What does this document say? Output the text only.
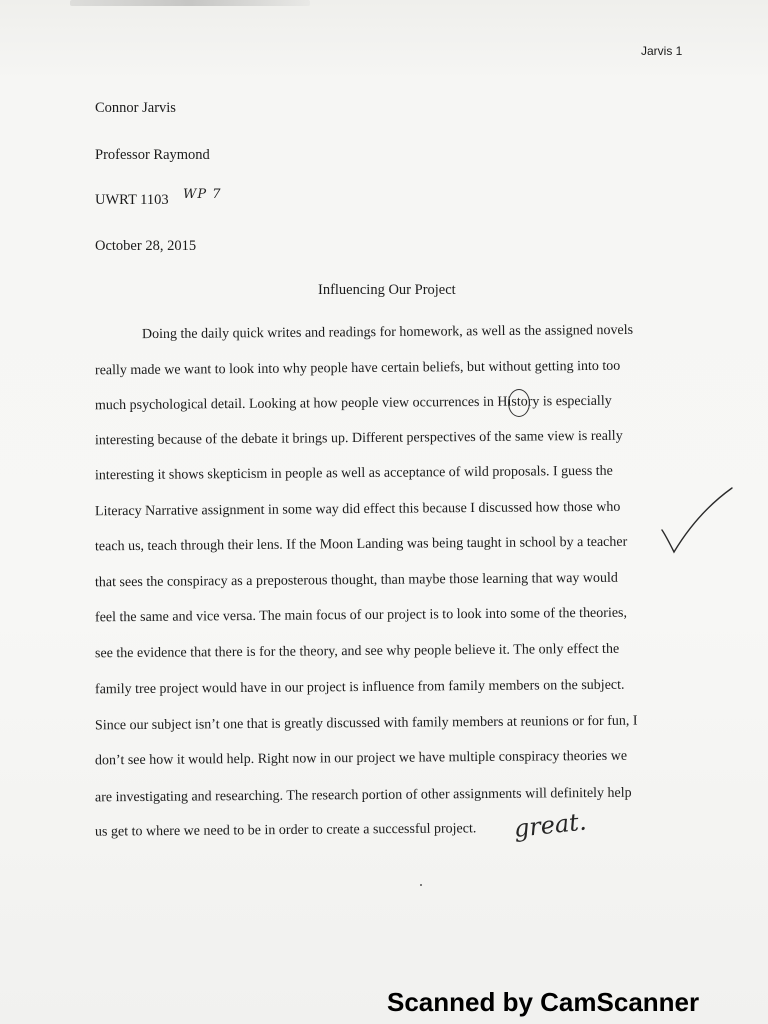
Jarvis 1
Connor Jarvis
Professor Raymond
UWRT 1103 WP 7
October 28, 2015
Influencing Our Project
Doing the daily quick writes and readings for homework, as well as the assigned novels
really made we want to look into why people have certain beliefs, but without getting into too
much psychological detail. Looking at how people view occurrences in History is especially
interesting because of the debate it brings up. Different perspectives of the same view is really
interesting it shows skepticism in people as well as acceptance of wild proposals. I guess the
Literacy Narrative assignment in some way did effect this because I discussed how those who
teach us, teach through their lens. If the Moon Landing was being taught in school by a teacher
that sees the conspiracy as a preposterous thought, than maybe those learning that way would
feel the same and vice versa. The main focus of our project is to look into some of the theories,
see the evidence that there is for the theory, and see why people believe it. The only effect the
family tree project would have in our project is influence from family members on the subject.
Since our subject isn’t one that is greatly discussed with family members at reunions or for fun, I
don’t see how it would help. Right now in our project we have multiple conspiracy theories we
are investigating and researching. The research portion of other assignments will definitely help
us get to where we need to be in order to create a successful project. great.
Scanned by CamScanner
